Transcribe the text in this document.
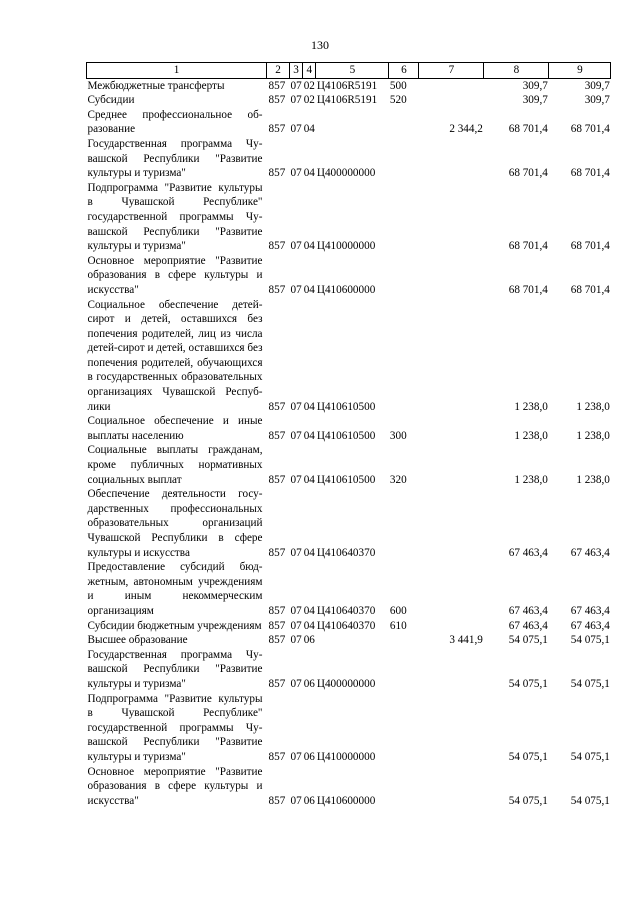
130
1	2	3	4	5	6	7	8	9
Межбюджетные трансферты	857	07	02	Ц4106R5191	500		309,7	309,7
Субсидии	857	07	02	Ц4106R5191	520		309,7	309,7
Среднее профессиональное образование	857	07	04			2 344,2	68 701,4	68 701,4
Государственная программа Чувашской Республики "Развитие культуры и туризма"	857	07	04	Ц400000000			68 701,4	68 701,4
Подпрограмма "Развитие культуры в Чувашской Республике" государственной программы Чувашской Республики "Развитие культуры и туризма"	857	07	04	Ц410000000			68 701,4	68 701,4
Основное мероприятие "Развитие образования в сфере культуры и искусства"	857	07	04	Ц410600000			68 701,4	68 701,4
Социальное обеспечение детей-сирот и детей, оставшихся без попечения родителей, лиц из числа детей-сирот и детей, оставшихся без попечения родителей, обучающихся в государственных образовательных организациях Чувашской Республики	857	07	04	Ц410610500			1 238,0	1 238,0
Социальное обеспечение и иные выплаты населению	857	07	04	Ц410610500	300		1 238,0	1 238,0
Социальные выплаты гражданам, кроме публичных нормативных социальных выплат	857	07	04	Ц410610500	320		1 238,0	1 238,0
Обеспечение деятельности государственных профессиональных образовательных организаций Чувашской Республики в сфере культуры и искусства	857	07	04	Ц410640370			67 463,4	67 463,4
Предоставление субсидий бюджетным, автономным учреждениям и иным некоммерческим организациям	857	07	04	Ц410640370	600		67 463,4	67 463,4
Субсидии бюджетным учреждениям	857	07	04	Ц410640370	610		67 463,4	67 463,4
Высшее образование	857	07	06			3 441,9	54 075,1	54 075,1
Государственная программа Чувашской Республики "Развитие культуры и туризма"	857	07	06	Ц400000000			54 075,1	54 075,1
Подпрограмма "Развитие культуры в Чувашской Республике" государственной программы Чувашской Республики "Развитие культуры и туризма"	857	07	06	Ц410000000			54 075,1	54 075,1
Основное мероприятие "Развитие образования в сфере культуры и искусства"	857	07	06	Ц410600000			54 075,1	54 075,1
